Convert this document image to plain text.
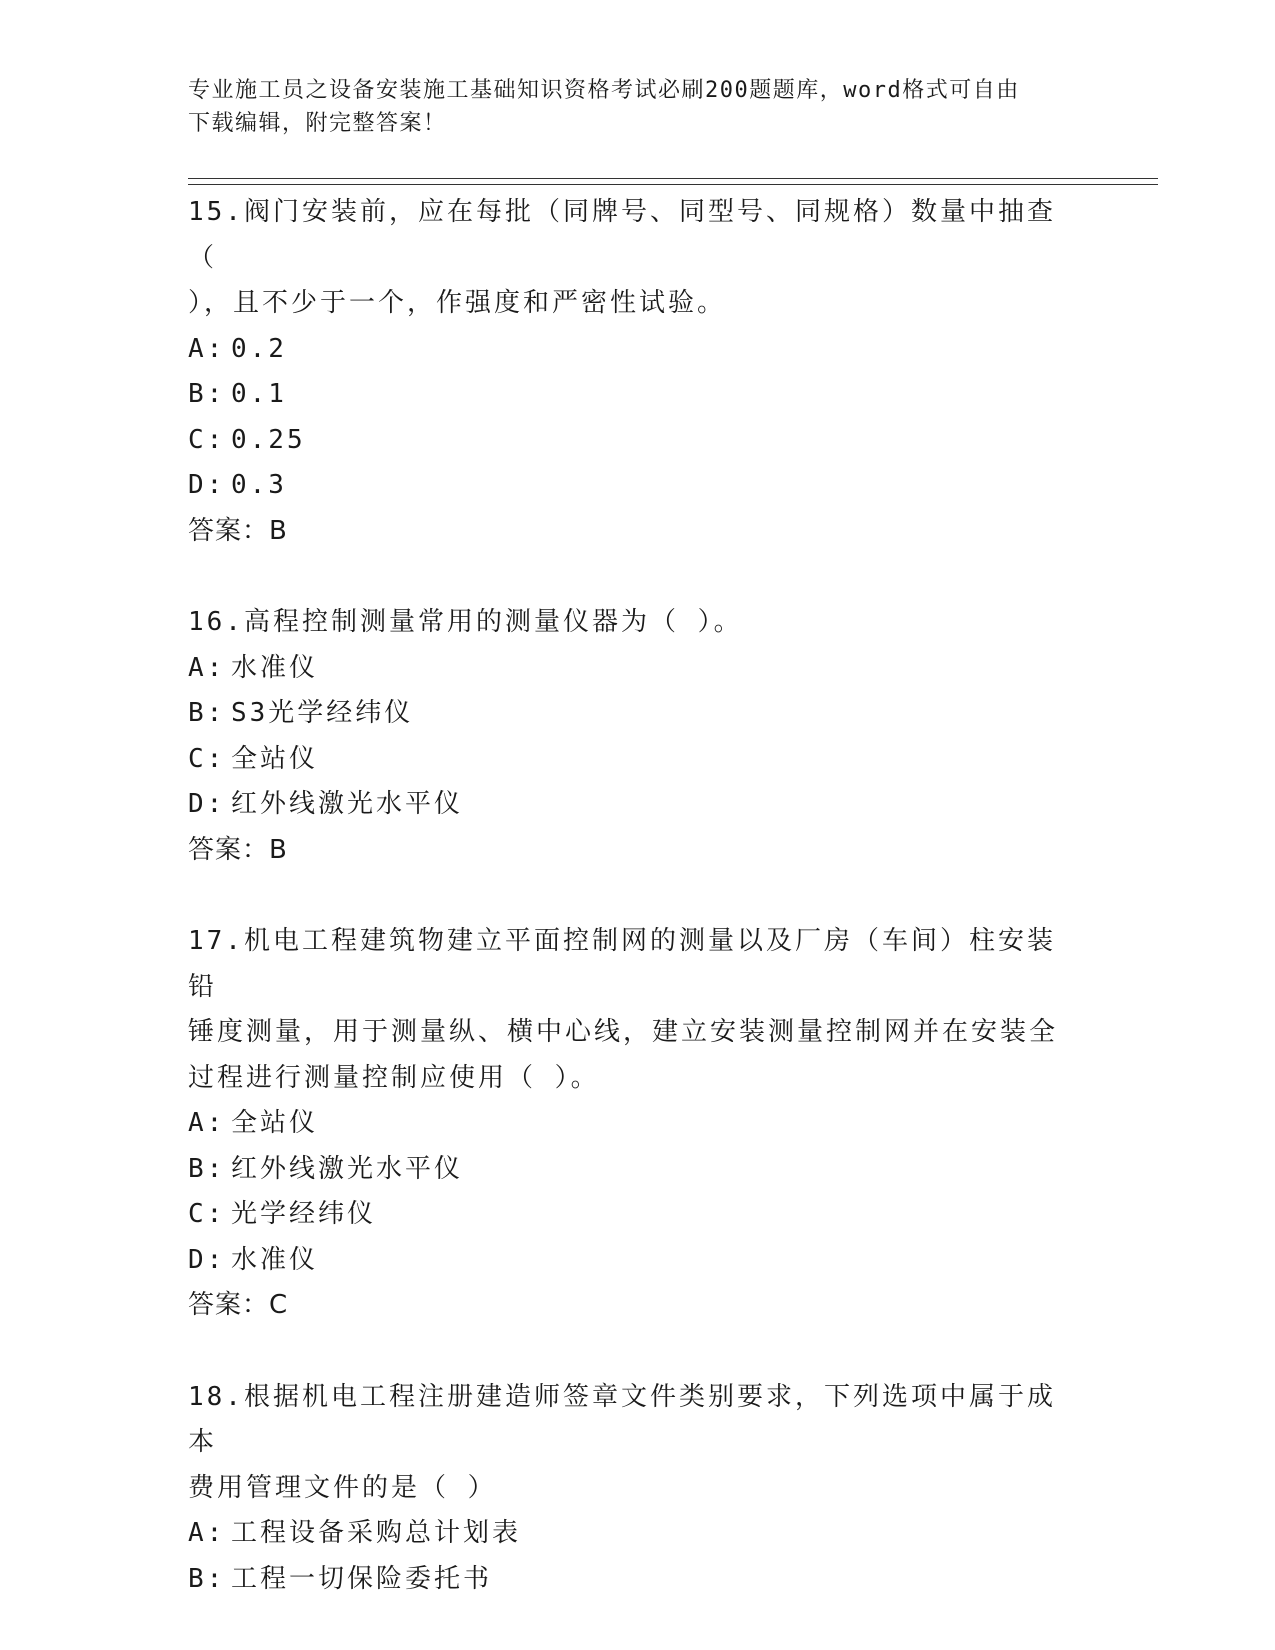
专业施工员之设备安装施工基础知识资格考试必刷200题题库，word格式可自由
下载编辑，附完整答案！
15.阀门安装前，应在每批（同牌号、同型号、同规格）数量中抽查（
），且不少于一个，作强度和严密性试验。
A: 0.2
B: 0.1
C: 0.25
D: 0.3
答案：B
16.高程控制测量常用的测量仪器为（ ）。
A: 水准仪
B: S3光学经纬仪
C: 全站仪
D: 红外线激光水平仪
答案：B
17.机电工程建筑物建立平面控制网的测量以及厂房（车间）柱安装铅
锤度测量，用于测量纵、横中心线，建立安装测量控制网并在安装全
过程进行测量控制应使用（ ）。
A: 全站仪
B: 红外线激光水平仪
C: 光学经纬仪
D: 水准仪
答案：C
18.根据机电工程注册建造师签章文件类别要求，下列选项中属于成本
费用管理文件的是（ ）
A: 工程设备采购总计划表
B: 工程一切保险委托书
